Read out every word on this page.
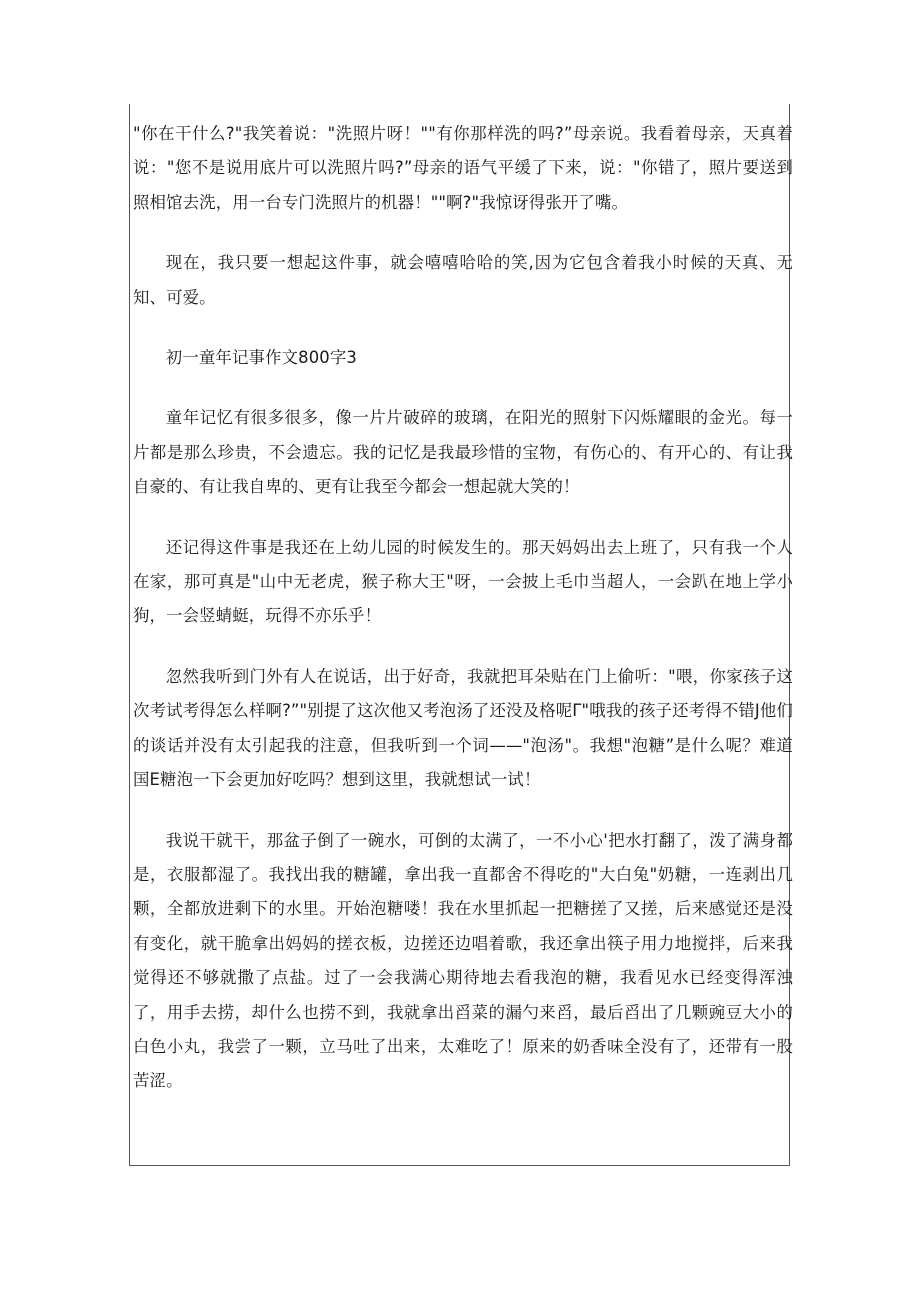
"你在干什么?"我笑着说："洗照片呀！""有你那样洗的吗?”母亲说。我看着母亲，天真着说："您不是说用底片可以洗照片吗?”母亲的语气平缓了下来，说："你错了，照片要送到照相馆去洗，用一台专门洗照片的机器！""啊?"我惊讶得张开了嘴。

现在，我只要一想起这件事，就会嘻嘻哈哈的笑,因为它包含着我小时候的天真、无知、可爱。

初一童年记事作文800字3

童年记忆有很多很多，像一片片破碎的玻璃，在阳光的照射下闪烁耀眼的金光。每一片都是那么珍贵，不会遗忘。我的记忆是我最珍惜的宝物，有伤心的、有开心的、有让我自豪的、有让我自卑的、更有让我至今都会一想起就大笑的！

还记得这件事是我还在上幼儿园的时候发生的。那天妈妈出去上班了，只有我一个人在家，那可真是"山中无老虎，猴子称大王"呀，一会披上毛巾当超人，一会趴在地上学小狗，一会竖蜻蜓，玩得不亦乐乎！

忽然我听到门外有人在说话，出于好奇，我就把耳朵贴在门上偷听："喂，你家孩子这次考试考得怎么样啊?”"别提了这次他又考泡汤了还没及格呢Γ"哦我的孩子还考得不错J他们的谈话并没有太引起我的注意，但我听到一个词——"泡汤"。我想"泡糖”是什么呢？难道国E糖泡一下会更加好吃吗？想到这里，我就想试一试！

我说干就干，那盆子倒了一碗水，可倒的太满了，一不小心'把水打翻了，泼了满身都是，衣服都湿了。我找出我的糖罐，拿出我一直都舍不得吃的"大白兔"奶糖，一连剥出几颗，全都放进剩下的水里。开始泡糖喽！我在水里抓起一把糖搓了又搓，后来感觉还是没有变化，就干脆拿出妈妈的搓衣板，边搓还边唱着歌，我还拿出筷子用力地搅拌，后来我觉得还不够就撒了点盐。过了一会我满心期待地去看我泡的糖，我看见水已经变得浑浊了，用手去捞，却什么也捞不到，我就拿出舀菜的漏勺来舀，最后舀出了几颗豌豆大小的白色小丸，我尝了一颗，立马吐了出来，太难吃了！原来的奶香味全没有了，还带有一股苦涩。
